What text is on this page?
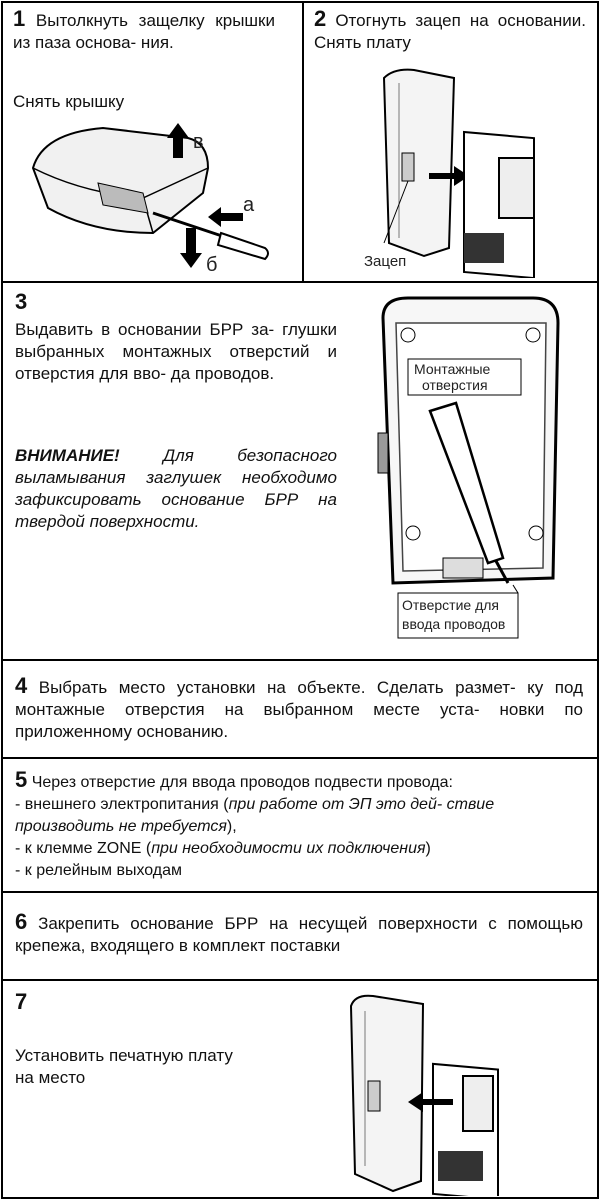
1 Вытолкнуть защелку крышки из паза основа- ния.
Снять крышку
в
а
б
2 Отогнуть зацеп на основании. Снять плату
Зацеп
3
Выдавить в основании БРР за- глушки выбранных монтажных отверстий и отверстия для вво- да проводов.
ВНИМАНИЕ!	Для безопасного выламывания заглушек необходимо зафиксировать основание БРР на твердой поверхности.
Монтажные
отверстия
Отверстие для
ввода проводов
4 Выбрать место установки на объекте. Сделать размет- ку под монтажные отверстия на выбранном месте уста- новки по приложенному основанию.
5 Через отверстие для ввода проводов подвести провода:
- внешнего электропитания (при работе от ЭП это дей- ствие производить не требуется),
- к клемме ZONE (при необходимости их подключения)
- к релейным выходам
6 Закрепить основание БРР на несущей поверхности с помощью крепежа, входящего в комплект поставки
7
Установить печатную плату на место
